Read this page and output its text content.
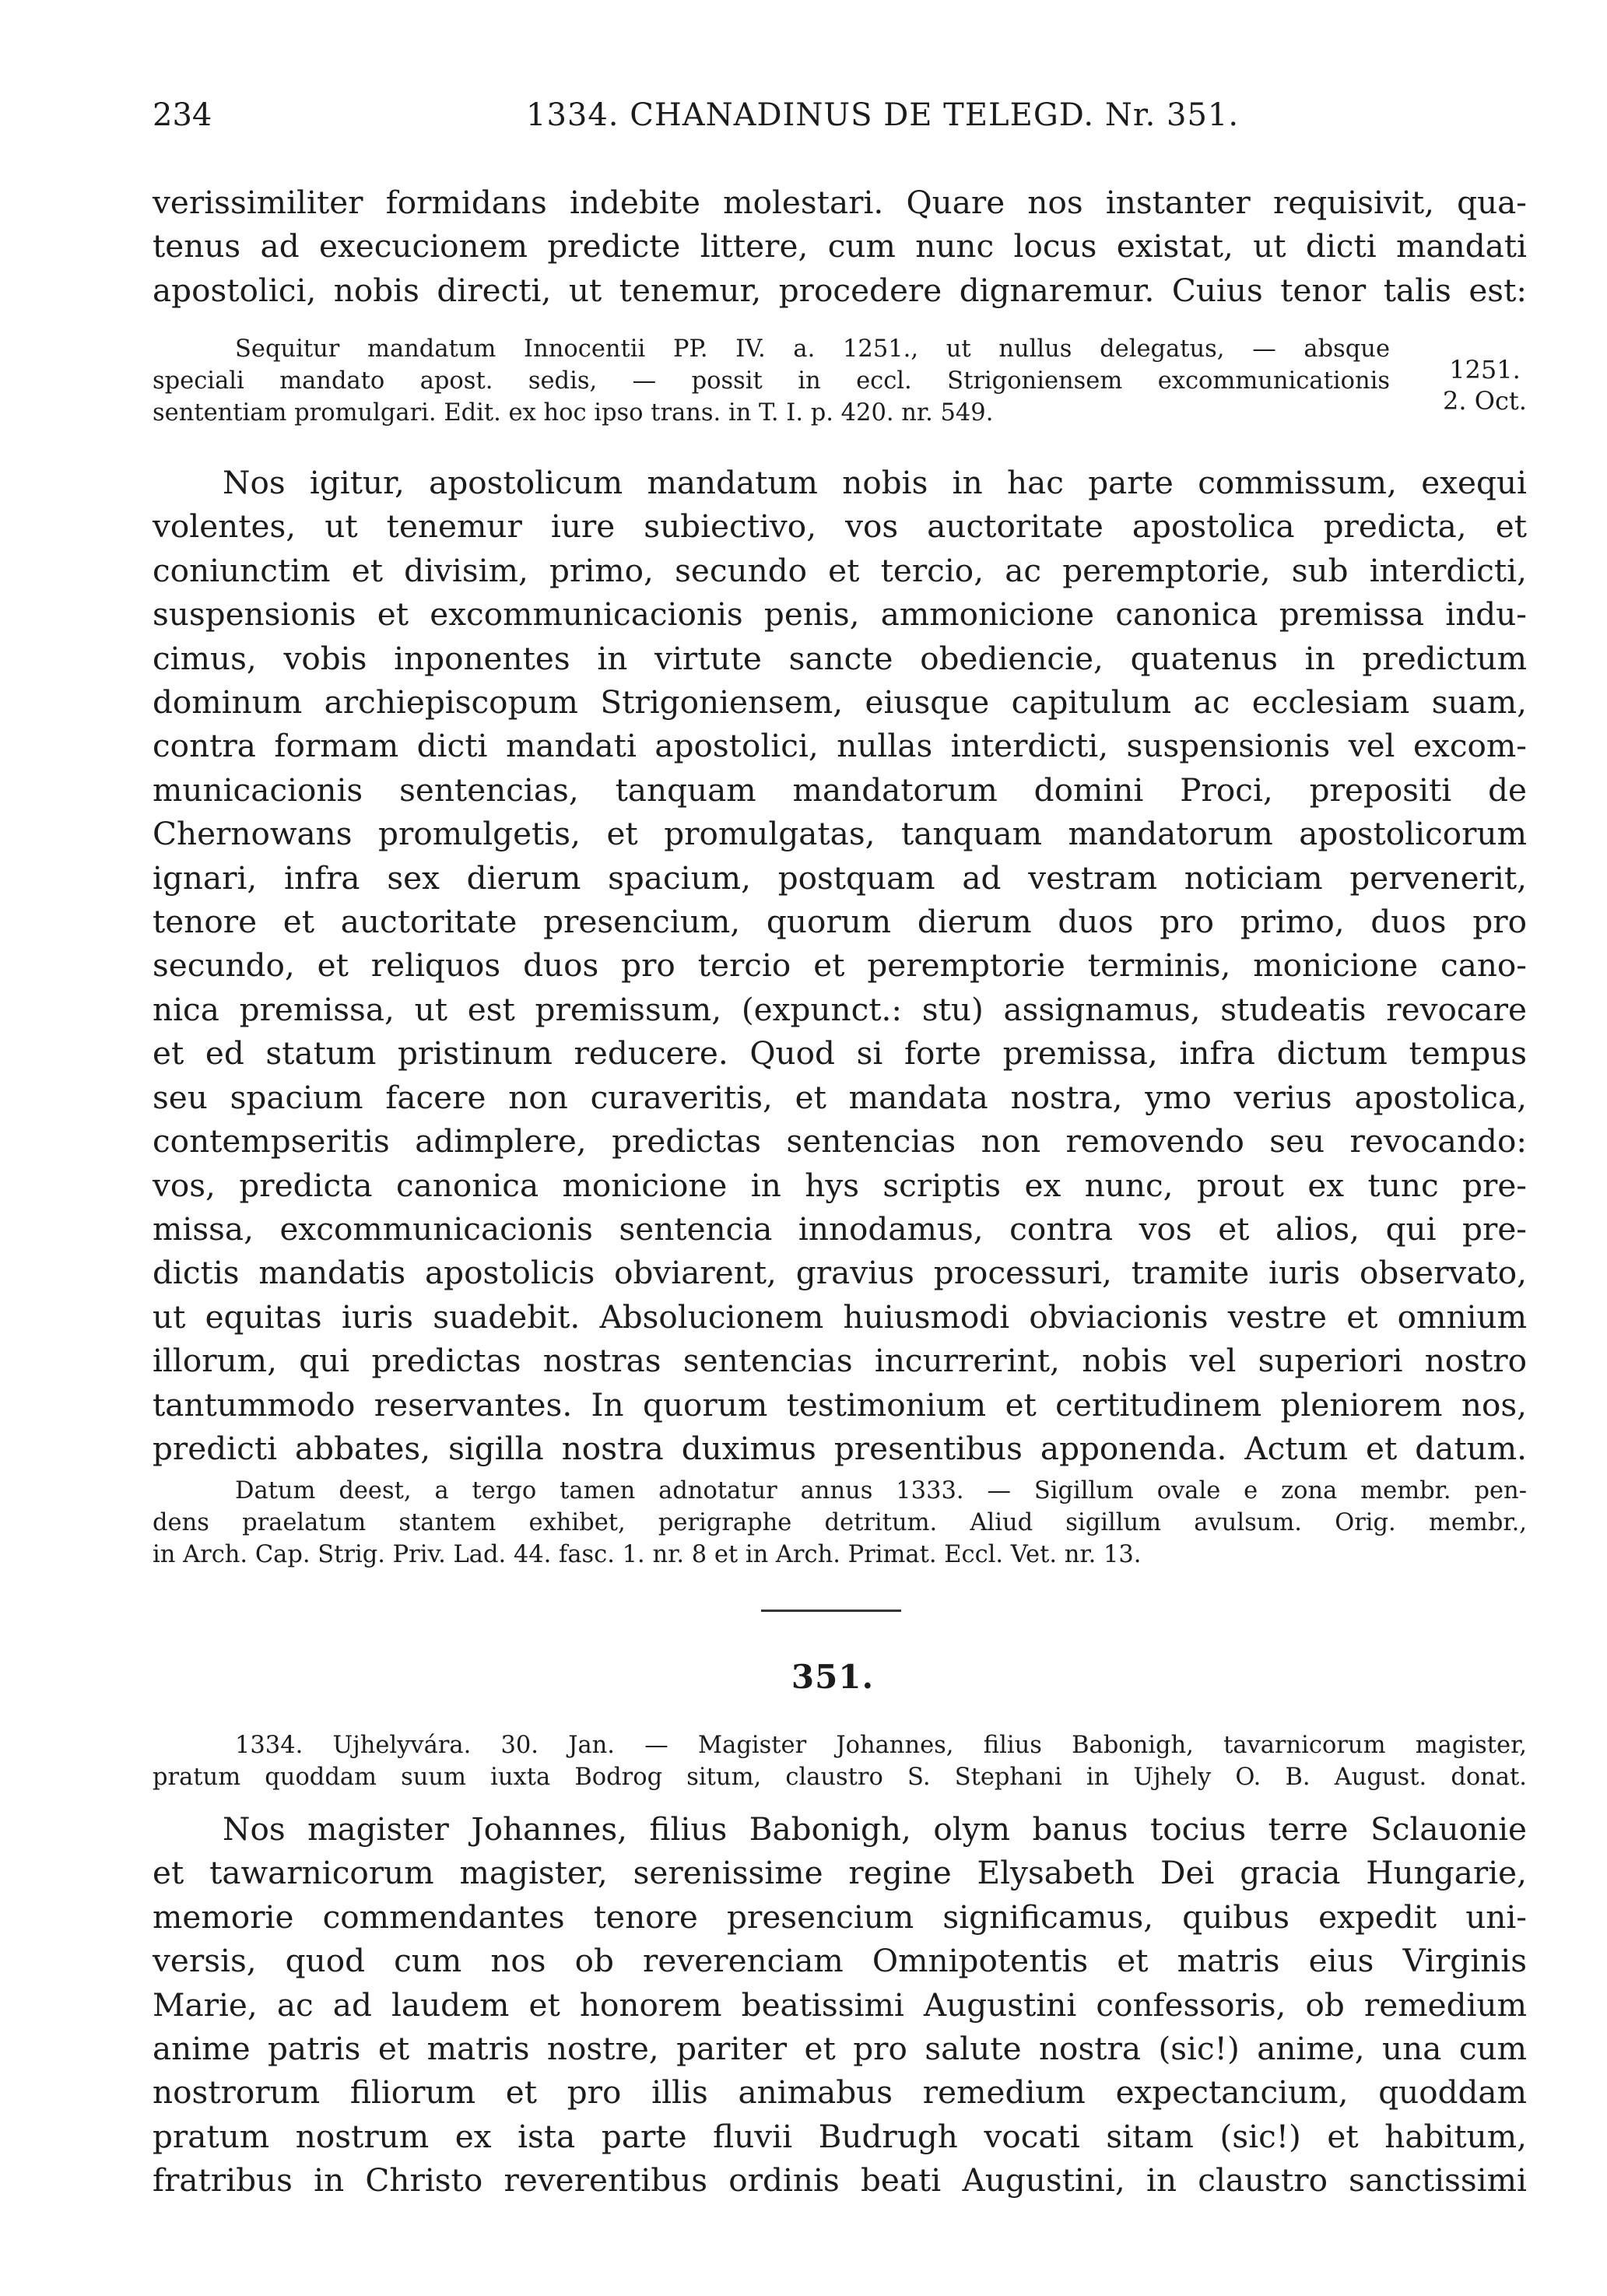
234	1334. CHANADINUS DE TELEGD. Nr. 351.
verissimiliter formidans indebite molestari. Quare nos instanter requisivit, qua-
tenus ad execucionem predicte littere, cum nunc locus existat, ut dicti mandati
apostolici, nobis directi, ut tenemur, procedere dignaremur. Cuius tenor talis est:
Sequitur mandatum Innocentii PP. IV. a. 1251., ut nullus delegatus, — absque
speciali mandato apost. sedis, — possit in eccl. Strigoniensem excommunicationis
sententiam promulgari. Edit. ex hoc ipso trans. in T. I. p. 420. nr. 549.
1251.
2. Oct.
Nos igitur, apostolicum mandatum nobis in hac parte commissum, exequi
volentes, ut tenemur iure subiectivo, vos auctoritate apostolica predicta, et
coniunctim et divisim, primo, secundo et tercio, ac peremptorie, sub interdicti,
suspensionis et excommunicacionis penis, ammonicione canonica premissa indu-
cimus, vobis inponentes in virtute sancte obediencie, quatenus in predictum
dominum archiepiscopum Strigoniensem, eiusque capitulum ac ecclesiam suam,
contra formam dicti mandati apostolici, nullas interdicti, suspensionis vel excom-
municacionis sentencias, tanquam mandatorum domini Proci, prepositi de
Chernowans promulgetis, et promulgatas, tanquam mandatorum apostolicorum
ignari, infra sex dierum spacium, postquam ad vestram noticiam pervenerit,
tenore et auctoritate presencium, quorum dierum duos pro primo, duos pro
secundo, et reliquos duos pro tercio et peremptorie terminis, monicione cano-
nica premissa, ut est premissum, (expunct.: stu) assignamus, studeatis revocare
et ed statum pristinum reducere. Quod si forte premissa, infra dictum tempus
seu spacium facere non curaveritis, et mandata nostra, ymo verius apostolica,
contempseritis adimplere, predictas sentencias non removendo seu revocando:
vos, predicta canonica monicione in hys scriptis ex nunc, prout ex tunc pre-
missa, excommunicacionis sentencia innodamus, contra vos et alios, qui pre-
dictis mandatis apostolicis obviarent, gravius processuri, tramite iuris observato,
ut equitas iuris suadebit. Absolucionem huiusmodi obviacionis vestre et omnium
illorum, qui predictas nostras sentencias incurrerint, nobis vel superiori nostro
tantummodo reservantes. In quorum testimonium et certitudinem pleniorem nos,
predicti abbates, sigilla nostra duximus presentibus apponenda. Actum et datum.
Datum deest, a tergo tamen adnotatur annus 1333. — Sigillum ovale e zona membr. pen-
dens praelatum stantem exhibet, perigraphe detritum. Aliud sigillum avulsum. Orig. membr.,
in Arch. Cap. Strig. Priv. Lad. 44. fasc. 1. nr. 8 et in Arch. Primat. Eccl. Vet. nr. 13.
351.
1334. Ujhelyvára. 30. Jan. — Magister Johannes, filius Babonigh, tavarnicorum magister,
pratum quoddam suum iuxta Bodrog situm, claustro S. Stephani in Ujhely O. B. August. donat.
Nos magister Johannes, filius Babonigh, olym banus tocius terre Sclauonie
et tawarnicorum magister, serenissime regine Elysabeth Dei gracia Hungarie,
memorie commendantes tenore presencium significamus, quibus expedit uni-
versis, quod cum nos ob reverenciam Omnipotentis et matris eius Virginis
Marie, ac ad laudem et honorem beatissimi Augustini confessoris, ob remedium
anime patris et matris nostre, pariter et pro salute nostra (sic!) anime, una cum
nostrorum filiorum et pro illis animabus remedium expectancium, quoddam
pratum nostrum ex ista parte fluvii Budrugh vocati sitam (sic!) et habitum,
fratribus in Christo reverentibus ordinis beati Augustini, in claustro sanctissimi
